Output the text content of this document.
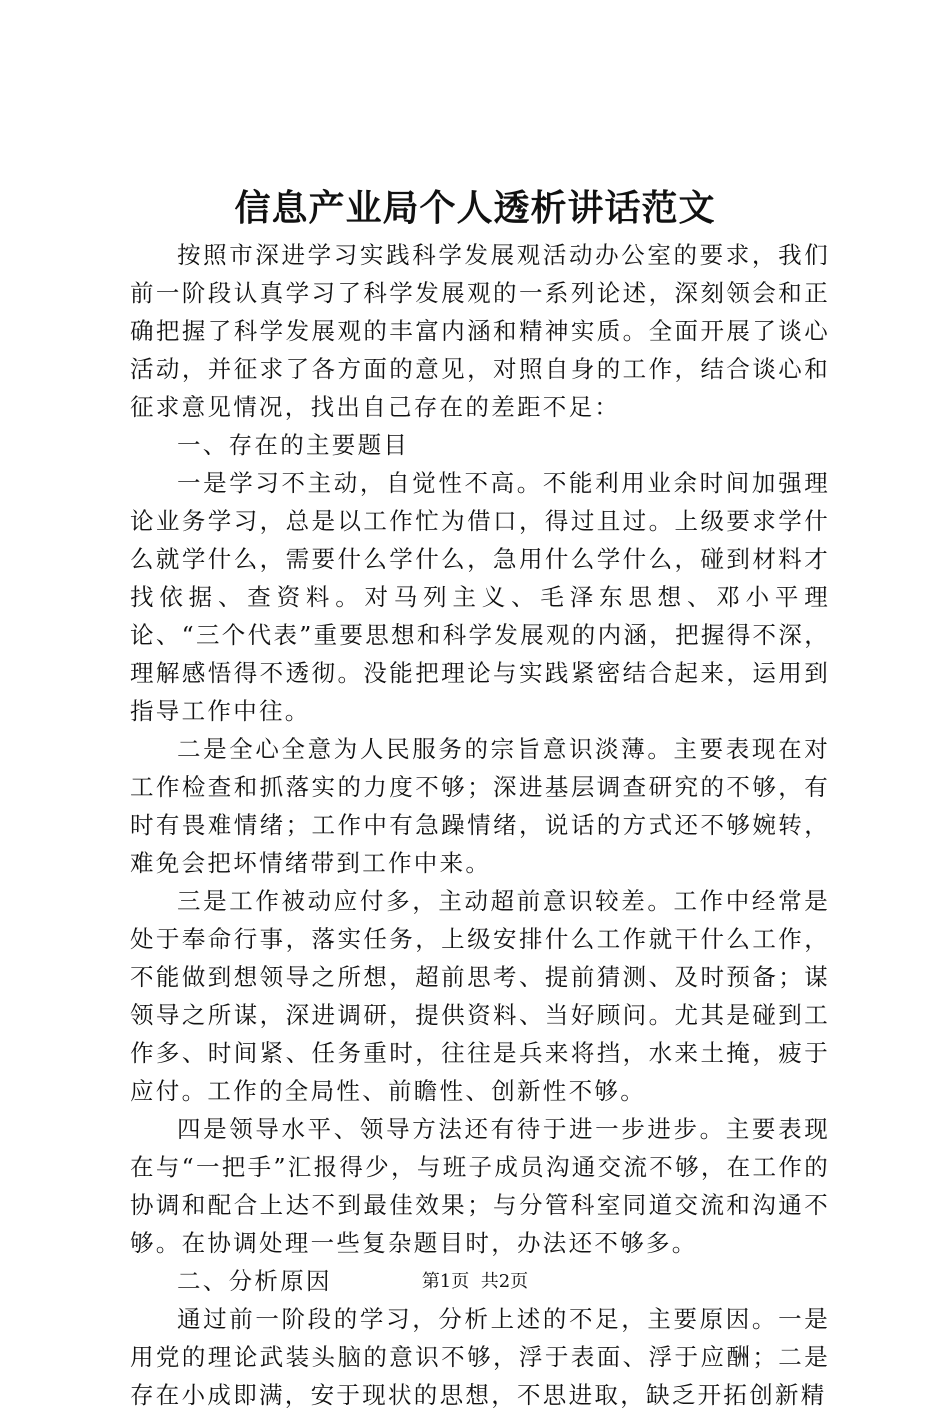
信息产业局个人透析讲话范文

按照市深进学习实践科学发展观活动办公室的要求，我们前一阶段认真学习了科学发展观的一系列论述，深刻领会和正确把握了科学发展观的丰富内涵和精神实质。全面开展了谈心活动，并征求了各方面的意见，对照自身的工作，结合谈心和征求意见情况，找出自己存在的差距不足：

一、存在的主要题目

一是学习不主动，自觉性不高。不能利用业余时间加强理论业务学习，总是以工作忙为借口，得过且过。上级要求学什么就学什么，需要什么学什么，急用什么学什么，碰到材料才找依据、查资料。对马列主义、毛泽东思想、邓小平理论、“三个代表”重要思想和科学发展观的内涵，把握得不深，理解感悟得不透彻。没能把理论与实践紧密结合起来，运用到指导工作中往。

二是全心全意为人民服务的宗旨意识淡薄。主要表现在对工作检查和抓落实的力度不够；深进基层调查研究的不够，有时有畏难情绪；工作中有急躁情绪，说话的方式还不够婉转，难免会把坏情绪带到工作中来。

三是工作被动应付多，主动超前意识较差。工作中经常是处于奉命行事，落实任务，上级安排什么工作就干什么工作，不能做到想领导之所想，超前思考、提前猜测、及时预备；谋领导之所谋，深进调研，提供资料、当好顾问。尤其是碰到工作多、时间紧、任务重时，往往是兵来将挡，水来土掩，疲于应付。工作的全局性、前瞻性、创新性不够。

四是领导水平、领导方法还有待于进一步进步。主要表现在与“一把手”汇报得少，与班子成员沟通交流不够，在工作的协调和配合上达不到最佳效果；与分管科室同道交流和沟通不够。在协调处理一些复杂题目时，办法还不够多。

二、分析原因

通过前一阶段的学习，分析上述的不足，主要原因。一是用党的理论武装头脑的意识不够，浮于表面、浮于应酬；二是存在小成即满，安于现状的思想，不思进取，缺乏开拓创新精

第1页 共2页
